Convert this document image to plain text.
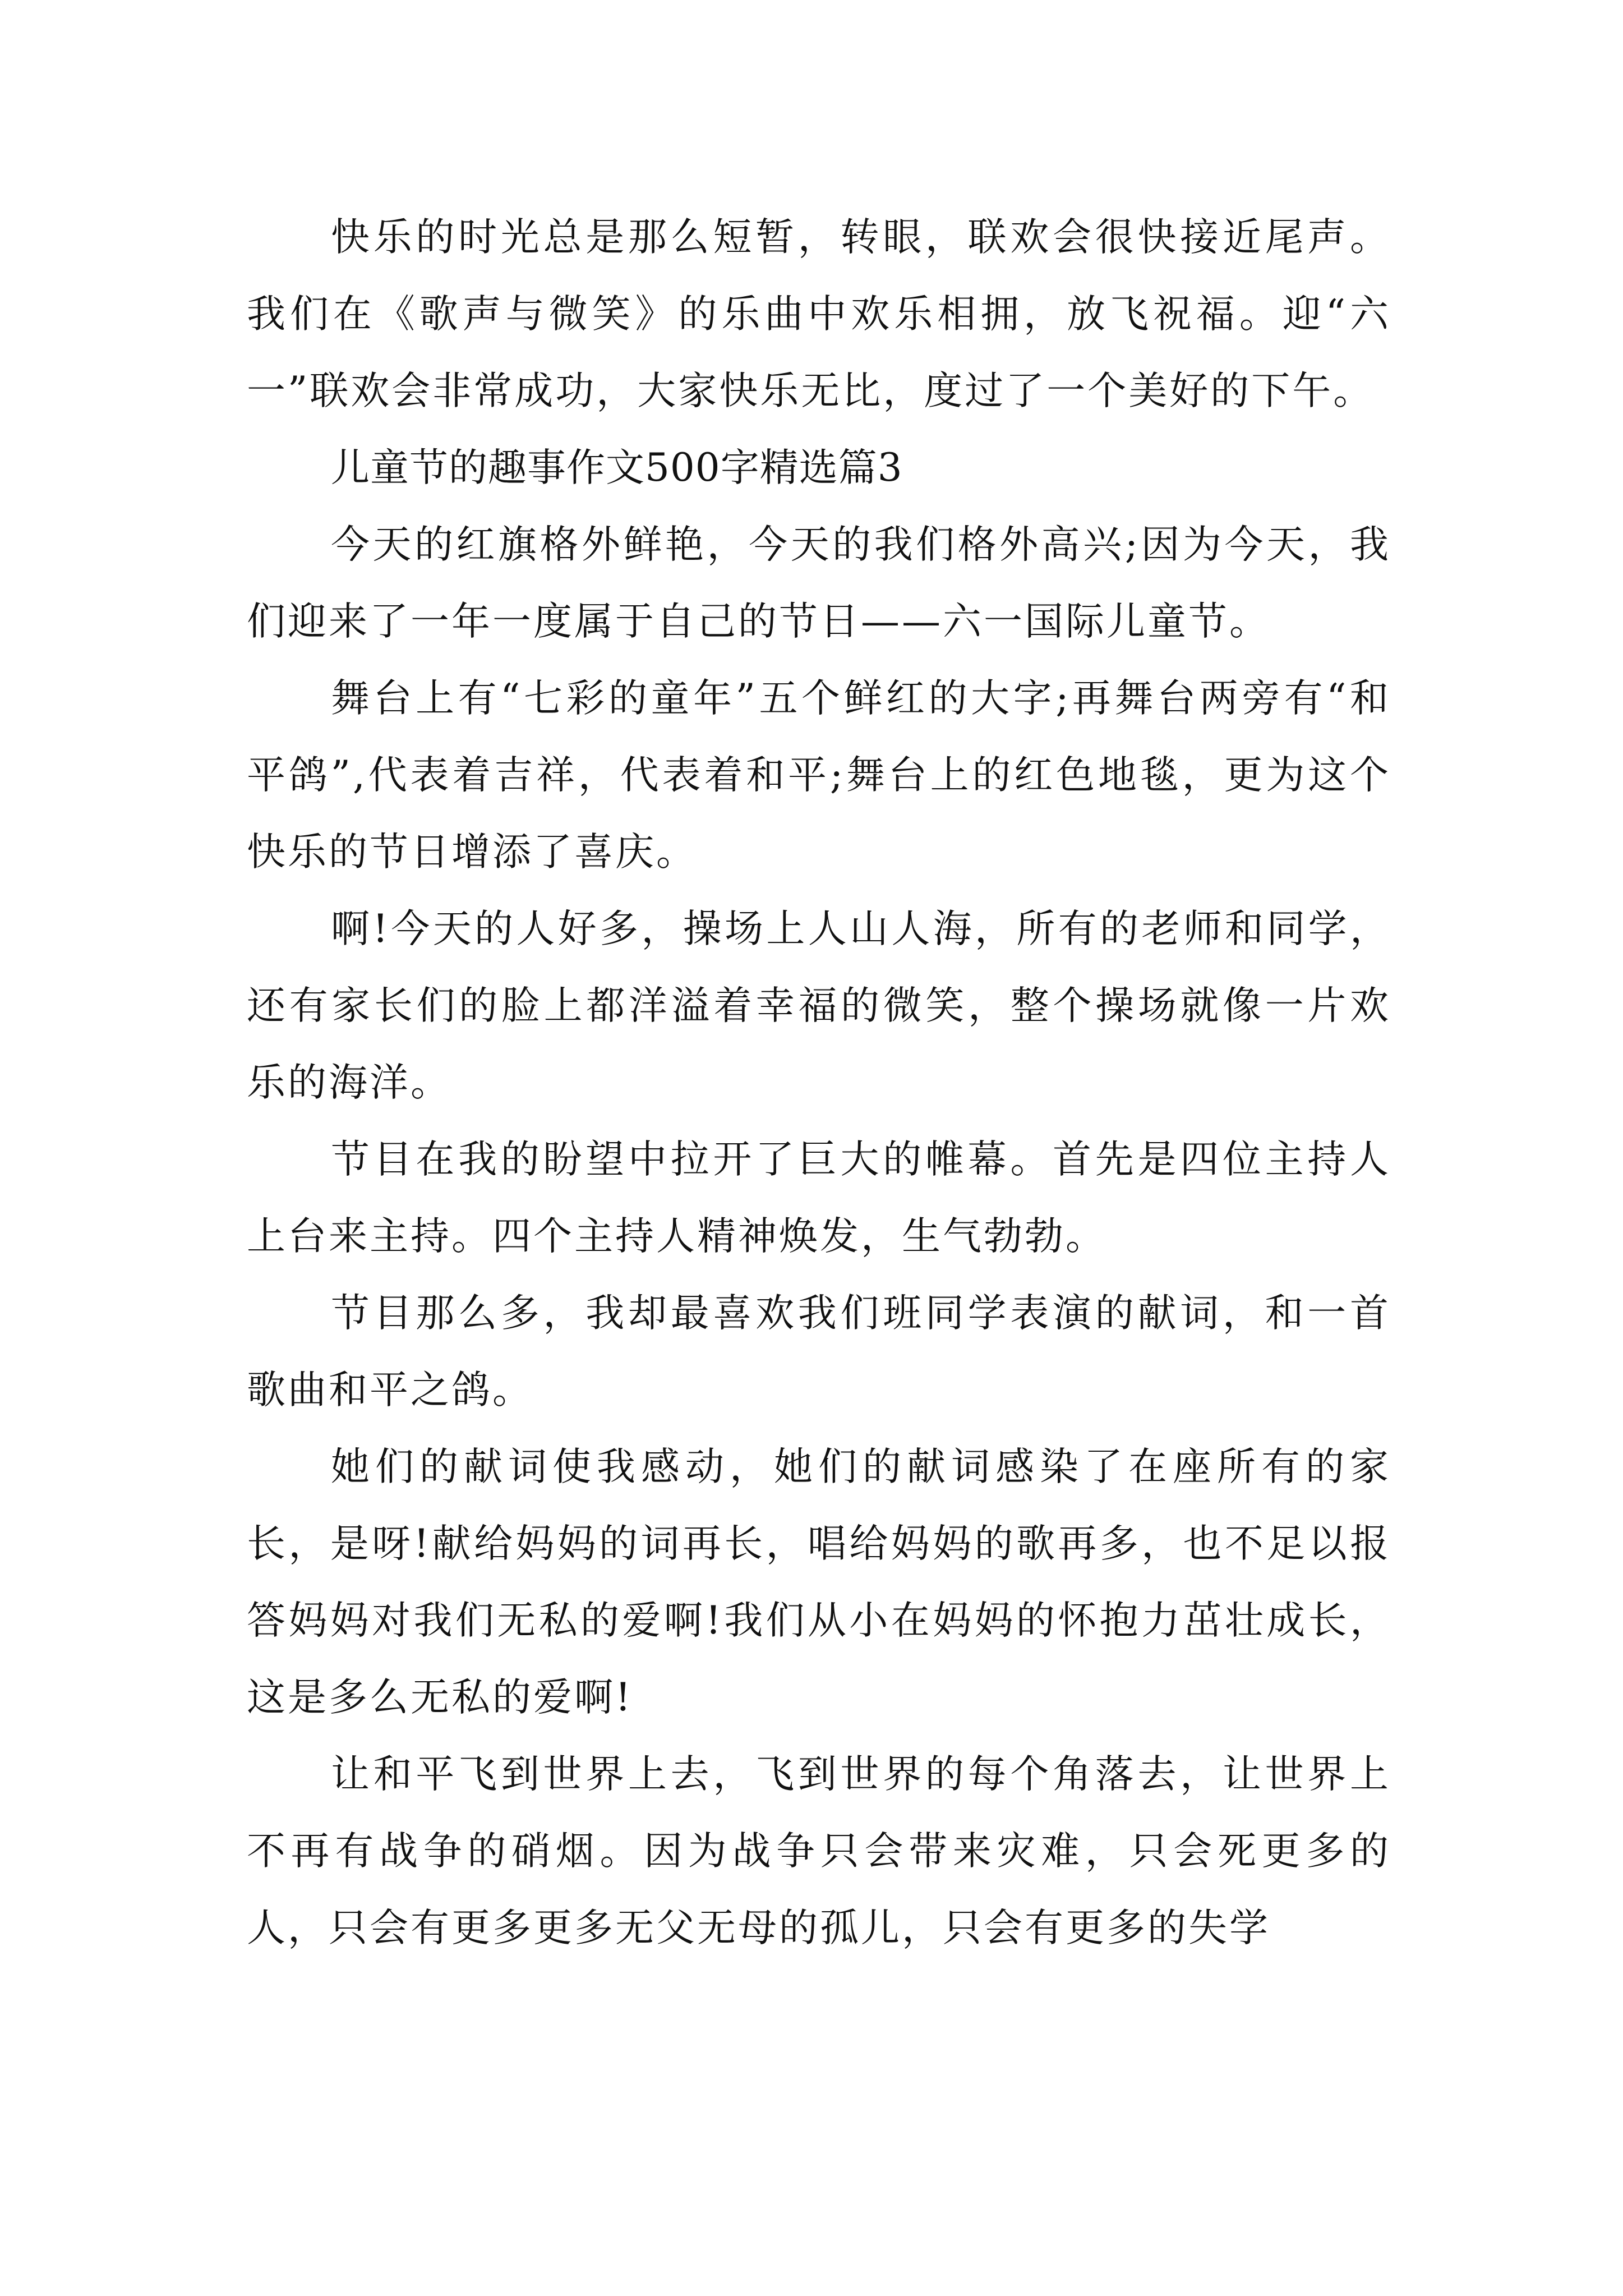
快乐的时光总是那么短暂，转眼，联欢会很快接近尾声。我们在《歌声与微笑》的乐曲中欢乐相拥，放飞祝福。迎“六一”联欢会非常成功，大家快乐无比，度过了一个美好的下午。

儿童节的趣事作文500字精选篇3

今天的红旗格外鲜艳，今天的我们格外高兴;因为今天，我们迎来了一年一度属于自己的节日——六一国际儿童节。

舞台上有“七彩的童年”五个鲜红的大字;再舞台两旁有“和平鸽”,代表着吉祥，代表着和平;舞台上的红色地毯，更为这个快乐的节日增添了喜庆。

啊!今天的人好多，操场上人山人海，所有的老师和同学，还有家长们的脸上都洋溢着幸福的微笑，整个操场就像一片欢乐的海洋。

节目在我的盼望中拉开了巨大的帷幕。首先是四位主持人上台来主持。四个主持人精神焕发，生气勃勃。

节目那么多，我却最喜欢我们班同学表演的献词，和一首歌曲和平之鸽。

她们的献词使我感动，她们的献词感染了在座所有的家长，是呀!献给妈妈的词再长，唱给妈妈的歌再多，也不足以报答妈妈对我们无私的爱啊!我们从小在妈妈的怀抱力茁壮成长，这是多么无私的爱啊!

让和平飞到世界上去，飞到世界的每个角落去，让世界上不再有战争的硝烟。因为战争只会带来灾难，只会死更多的人，只会有更多更多无父无母的孤儿，只会有更多的失学
